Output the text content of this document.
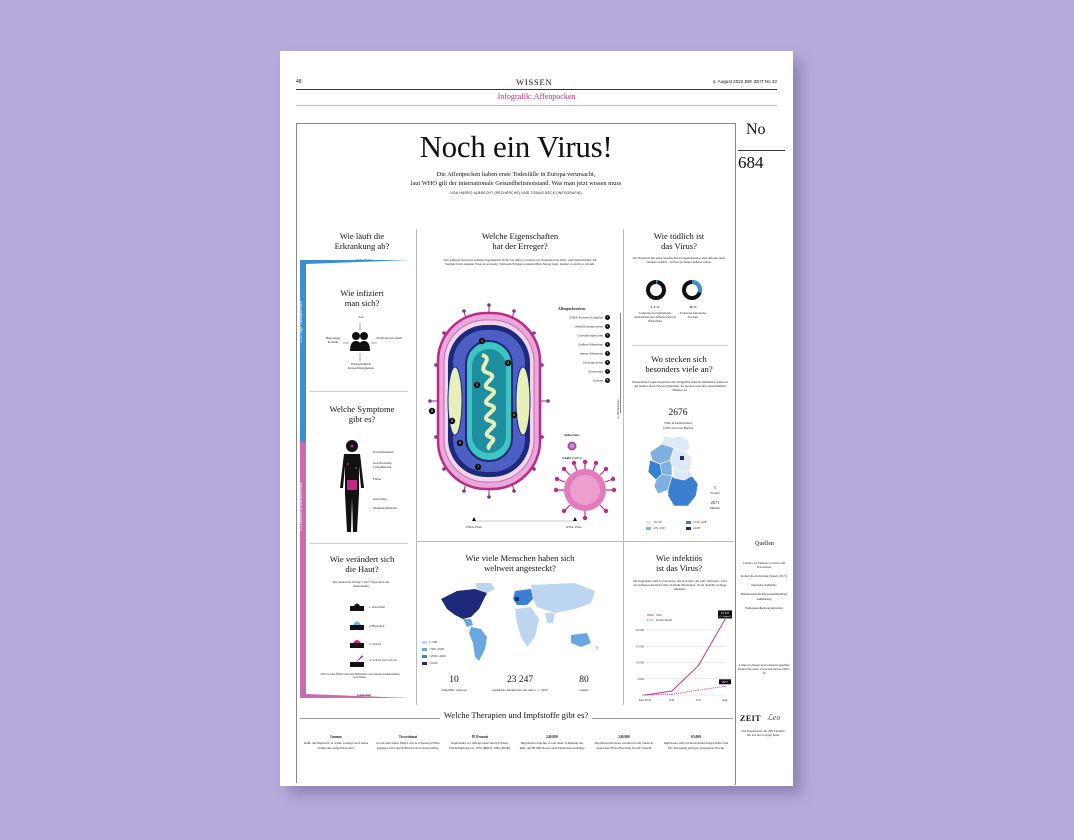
48	WISSEN	4. August 2022 DIE ZEIT No 32
Infografik: Affenpocken
No
684
Noch ein Virus!
Die Affenpocken haben erste Todesfälle in Europa verursacht,
laut WHO gilt der internationale Gesundheitsnotstand. Was man jetzt wissen muss
VON HARRO ALBRECHT (RECHERCHE) UND TOBIAS BECK (INFOGRAFIK)
Wie läuft die
Erkrankung ab?
5–21 Tage Inkubationszeit
2–4 Wochen Krankheitsverlauf
Wie infiziert
man sich?
Sex
Haut-enger Kontakt
Tröpfchen im Atem
Wahrscheinlich Körperflüssigkeiten
Welche Symptome
gibt es?
Kopfschmerzen
Geschwollene Lymphknoten
Fieber
Ausschlag
Muskelschmerzen
Wie verändert sich
die Haut?
Der Ausbruch erfolgt 1 bis 5 Tage nach der Ansteckung
1. Knötchen
2. Bläschen
3. Schorf
4. Schorf löst sich ab
Nicht in allen Fällen treten alle Hautstadien auf; einzelne Stadien können auch fehlen.
Genesung
Welche Eigenschaften
hat der Erreger?
Das Affenpockenvirus stammt ursprünglich nicht von Affen, sondern von Nagetieren in West- und Zentralafrika. Im Vergleich mit anderen Viren ist es riesig. Weil sein Erbgut in einem DNA-Strang liegt, mutiert es nicht so schnell.
1
2
3
4
5
6
7
8
Affenpockenvirus
DNA-Protein-Komplex 1
Oberflächenproteine 2
Lateralkörperchen 3
Äußere Membran 4
Innere Membran 5
Glykoproteine 6
Kernwand 7
Genom 8
ca. 200 Nanometer
Poliovirus
SARS-CoV-2
DNA-Virus	RNA-Virus
Wie viele Menschen haben sich
weltweit angesteckt?
1–500
>500–2500
>2500–4100
>4100
10
Todesfälle weltweit
23 247
gemeldete Infektionen seit dem 1. 1. 2022
80
Länder
Wie tödlich ist
das Virus?
Im Vergleich mit einer klassischen Pockeninfektion sind Affenpocken seltener tödlich – in Europa bisher äußerst selten.
☠	☠
1–3 %
Todesrate bei bisherigen Ausbrüchen der Affenpocken in Westafrika
30 %
Todesrate klassische Pocken
Wo stecken sich
besonders viele an?
Deutschland weist insgesamt die drittgrößte Zahl an Infizierten weltweit auf (hinter den USA und Spanien). Es stecken sich fast ausschließlich Männer an.
2676
Fälle in Deutschland
(1365 davon in Berlin)
5
Frauen
2671
Männer
<6–79
≥79–150
≥151–228
≥228
Wie infektiös
ist das Virus?
Im Gegensatz zum Coronavirus, das sich über die Luft verbreitet, wird das Affenpockenvirus über Kontakt übertragen. Es ist deshalb weniger infektiös.
23 247
(1. August)
2677
20 000
15 000
10 000
5000
0
Mai 2022	Juni	Juli	Aug.
Welt
Deutschland
Welche Therapien und Impfstoffe gibt es?
Immun
heißt: die Impfstoff, er wirkt, solange noch keine Symptome aufgetreten sind.
Tecovirimat
ist ein antivirales Mittel, das in schweren Fällen gegeben wird. Auch Brincidofovir kann helfen.
85 Prozent
Impfschutz vor Affenpocken durch Pocken-Pflichtimpfung vor 1976 (BRD), 1982 (DDR).
240.000
Impfdosen bräuchte es laut einer Schätzung des RKI, um 80 000 Dosen nach Deutschen Aufträge
240.000
Impfdosen Imvanex wurden bei der dänisch-deutschen Firma Bavarian Nordic bestellt
65.000
Impfdosen sind in Deutschland eingetroffen. Die EU-Zulassung erfolgte vergangene Woche
Quellen
Centers for Disease Control and Prevention
Robert Koch-Institut (Stand: 28.7.)
Deutsche Aidshilfe
Bundeszentrale für gesundheitliche Aufklärung
Weltgesundheitsorganisation
Links zu diesen und weiteren Quellen finden Sie unter www.zeit.de/wq/2022-32
ZEIT ℒeo
Die Kinderseite der ZEIT finden Sie auf der vorigen Seite
